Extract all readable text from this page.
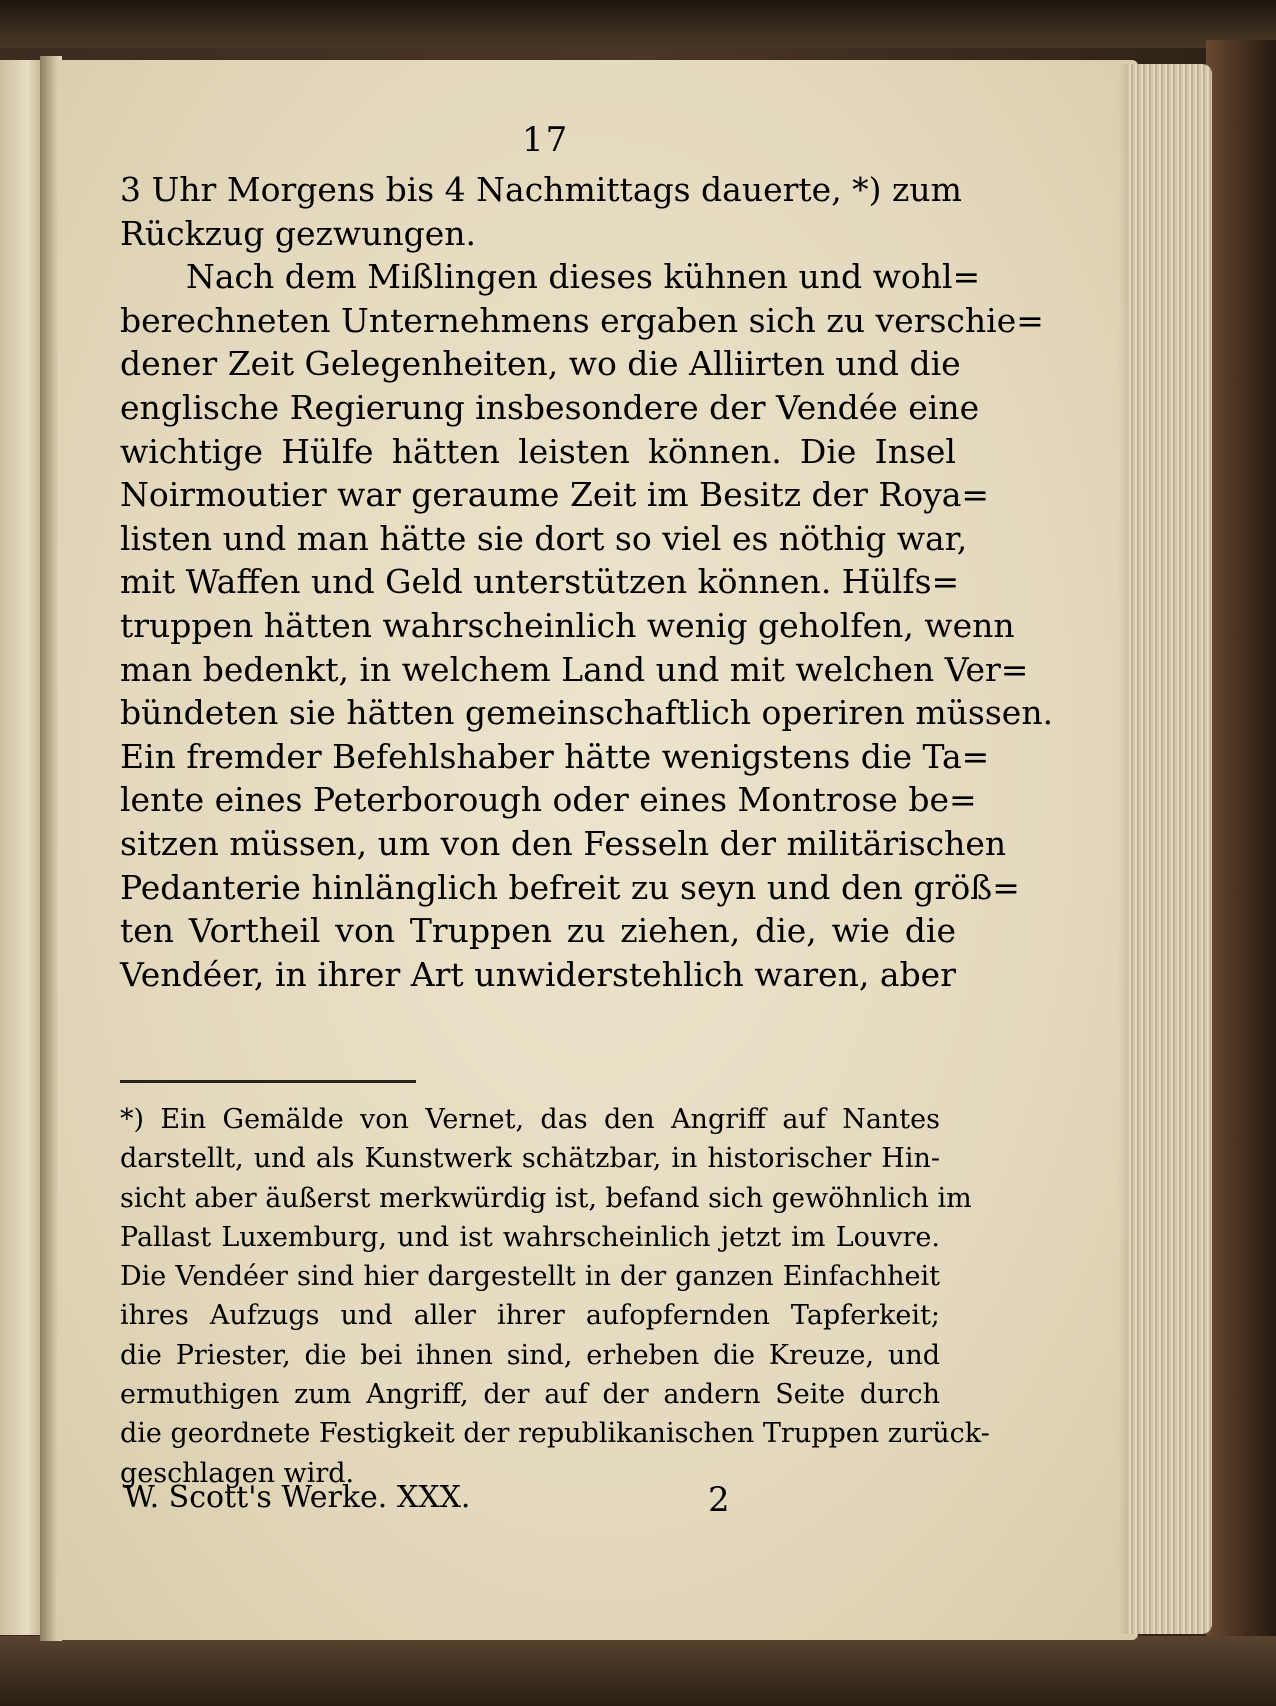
17
3 Uhr Morgens bis 4 Nachmittags dauerte, *) zum
Rückzug gezwungen.
Nach dem Mißlingen dieses kühnen und wohl=
berechneten Unternehmens ergaben sich zu verschie=
dener Zeit Gelegenheiten, wo die Alliirten und die
englische Regierung insbesondere der Vendée eine
wichtige Hülfe hätten leisten können. Die Insel
Noirmoutier war geraume Zeit im Besitz der Roya=
listen und man hätte sie dort so viel es nöthig war,
mit Waffen und Geld unterstützen können. Hülfs=
truppen hätten wahrscheinlich wenig geholfen, wenn
man bedenkt, in welchem Land und mit welchen Ver=
bündeten sie hätten gemeinschaftlich operiren müssen.
Ein fremder Befehlshaber hätte wenigstens die Ta=
lente eines Peterborough oder eines Montrose be=
sitzen müssen, um von den Fesseln der militärischen
Pedanterie hinlänglich befreit zu seyn und den größ=
ten Vortheil von Truppen zu ziehen, die, wie die
Vendéer, in ihrer Art unwiderstehlich waren, aber
*) Ein Gemälde von Vernet, das den Angriff auf Nantes
darstellt, und als Kunstwerk schätzbar, in historischer Hin-
sicht aber äußerst merkwürdig ist, befand sich gewöhnlich im
Pallast Luxemburg, und ist wahrscheinlich jetzt im Louvre.
Die Vendéer sind hier dargestellt in der ganzen Einfachheit
ihres Aufzugs und aller ihrer aufopfernden Tapferkeit;
die Priester, die bei ihnen sind, erheben die Kreuze, und
ermuthigen zum Angriff, der auf der andern Seite durch
die geordnete Festigkeit der republikanischen Truppen zurück-
geschlagen wird.
W. Scott's Werke. XXX.	2
